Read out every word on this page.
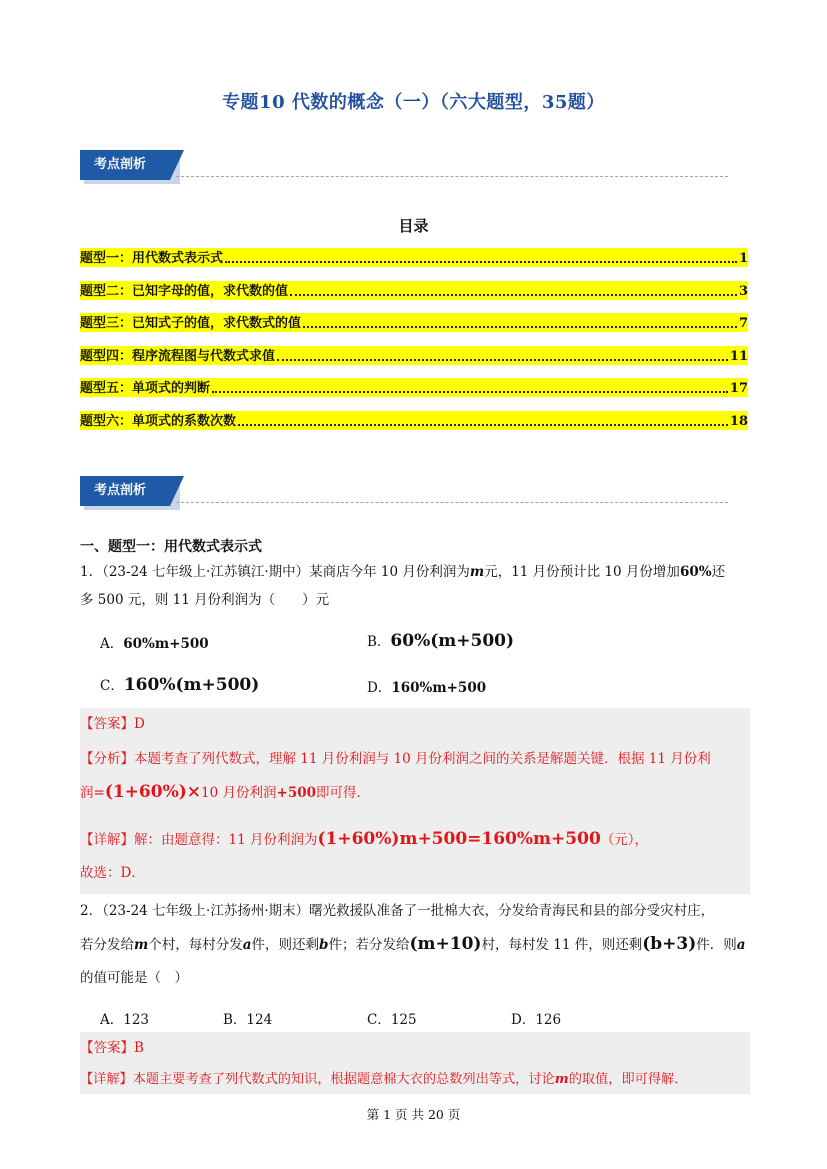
专题10 代数的概念（一）（六大题型，35题）
考点剖析
目录
题型一：用代数式表示式	1
题型二：已知字母的值，求代数的值	3
题型三：已知式子的值，求代数式的值	7
题型四：程序流程图与代数式求值	11
题型五：单项式的判断	17
题型六：单项式的系数次数	18
考点剖析
一、题型一：用代数式表示式
1．（23-24 七年级上·江苏镇江·期中）某商店今年 10 月份利润为m元，11 月份预计比 10 月份增加60%还
多 500 元，则 11 月份利润为（　　）元
A．60%m+500	B．60%(m+500)
C．160%(m+500)	D．160%m+500
【答案】D
【分析】本题考查了列代数式，理解 11 月份利润与 10 月份利润之间的关系是解题关键．根据 11 月份利
润=(1+60%)×10 月份利润+500即可得．
【详解】解：由题意得：11 月份利润为(1+60%)m+500=160%m+500（元），
故选：D．
2．（23-24 七年级上·江苏扬州·期末）曙光救援队准备了一批棉大衣，分发给青海民和县的部分受灾村庄，
若分发给m个村，每村分发a件，则还剩b件；若分发给(m+10)村，每村发 11 件，则还剩(b+3)件．则a
的值可能是（　）
A．123	B．124	C．125	D．126
【答案】B
【详解】本题主要考查了列代数式的知识，根据题意棉大衣的总数列出等式，讨论m的取值，即可得解．
第 1 页 共 20 页
